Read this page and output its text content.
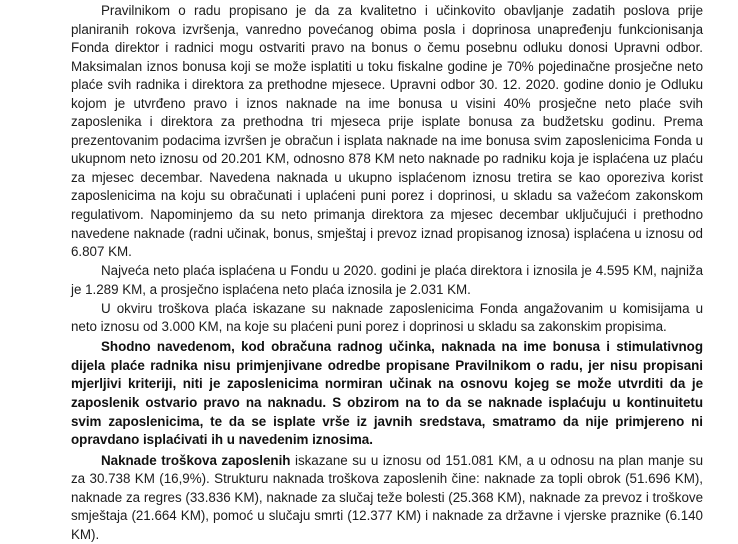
Pravilnikom o radu propisano je da za kvalitetno i učinkovito obavljanje zadatih poslova prije planiranih rokova izvršenja, vanredno povećanog obima posla i doprinosa unapređenju funkcionisanja Fonda direktor i radnici mogu ostvariti pravo na bonus o čemu posebnu odluku donosi Upravni odbor. Maksimalan iznos bonusa koji se može isplatiti u toku fiskalne godine je 70% pojedinačne prosječne neto plaće svih radnika i direktora za prethodne mjesece. Upravni odbor 30. 12. 2020. godine donio je Odluku kojom je utvrđeno pravo i iznos naknade na ime bonusa u visini 40% prosječne neto plaće svih zaposlenika i direktora za prethodna tri mjeseca prije isplate bonusa za budžetsku godinu. Prema prezentovanim podacima izvršen je obračun i isplata naknade na ime bonusa svim zaposlenicima Fonda u ukupnom neto iznosu od 20.201 KM, odnosno 878 KM neto naknade po radniku koja je isplaćena uz plaću za mjesec decembar. Navedena naknada u ukupno isplaćenom iznosu tretira se kao oporeziva korist zaposlenicima na koju su obračunati i uplaćeni puni porez i doprinosi, u skladu sa važećom zakonskom regulativom. Napominjemo da su neto primanja direktora za mjesec decembar uključujući i prethodno navedene naknade (radni učinak, bonus, smještaj i prevoz iznad propisanog iznosa) isplaćena u iznosu od 6.807 KM.

Najveća neto plaća isplaćena u Fondu u 2020. godini je plaća direktora i iznosila je 4.595 KM, najniža je 1.289 KM, a prosječno isplaćena neto plaća iznosila je 2.031 KM.

U okviru troškova plaća iskazane su naknade zaposlenicima Fonda angažovanim u komisijama u neto iznosu od 3.000 KM, na koje su plaćeni puni porez i doprinosi u skladu sa zakonskim propisima.

Shodno navedenom, kod obračuna radnog učinka, naknada na ime bonusa i stimulativnog dijela plaće radnika nisu primjenjivane odredbe propisane Pravilnikom o radu, jer nisu propisani mjerljivi kriteriji, niti je zaposlenicima normiran učinak na osnovu kojeg se može utvrditi da je zaposlenik ostvario pravo na naknadu. S obzirom na to da se naknade isplaćuju u kontinuitetu svim zaposlenicima, te da se isplate vrše iz javnih sredstava, smatramo da nije primjereno ni opravdano isplaćivati ih u navedenim iznosima.

Naknade troškova zaposlenih iskazane su u iznosu od 151.081 KM, a u odnosu na plan manje su za 30.738 KM (16,9%). Strukturu naknada troškova zaposlenih čine: naknade za topli obrok (51.696 KM), naknade za regres (33.836 KM), naknade za slučaj teže bolesti (25.368 KM), naknade za prevoz i troškove smještaja (21.664 KM), pomoć u slučaju smrti (12.377 KM) i naknade za državne i vjerske praznike (6.140 KM).
